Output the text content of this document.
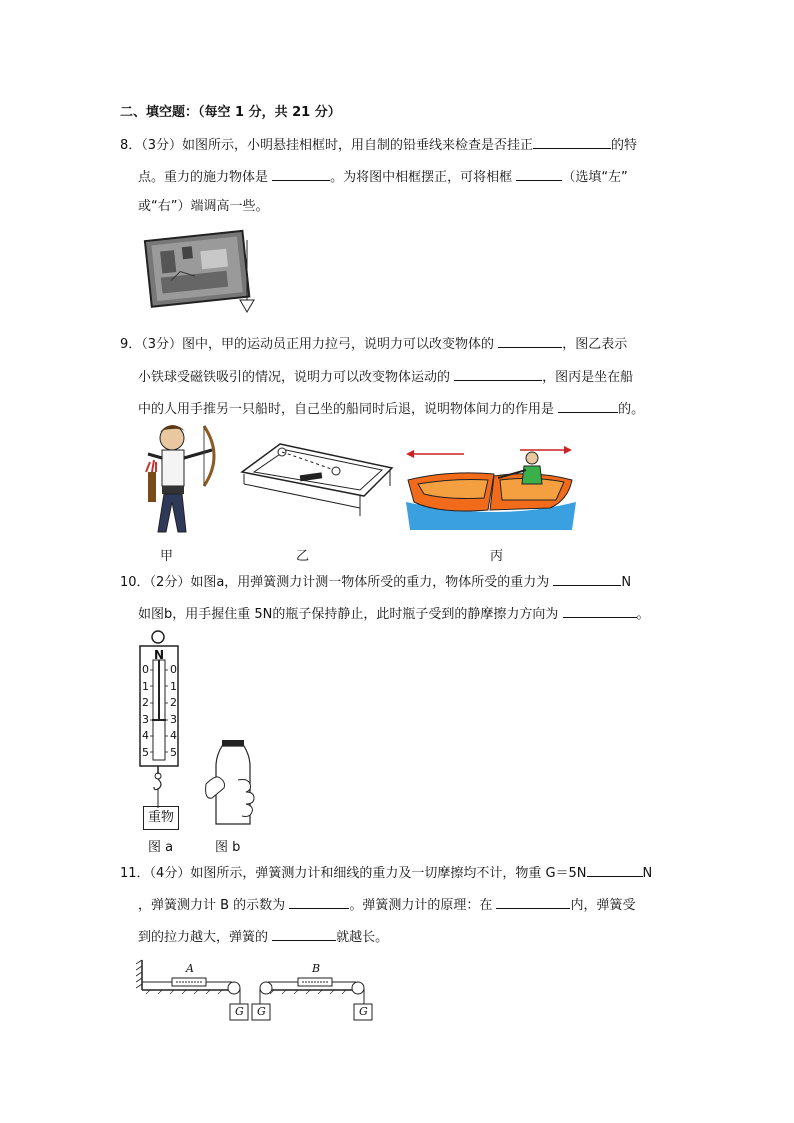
二、填空题：（每空 1 分，共 21 分）
8．（3分）如图所示，小明悬挂相框时，用自制的铅垂线来检查是否挂正	的特
点。重力的施力物体是	。为将图中相框摆正，可将相框	（选填“左”
或“右”）端调高一些。
9．（3分）图中，甲的运动员正用力拉弓，说明力可以改变物体的	，图乙表示
小铁球受磁铁吸引的情况，说明力可以改变物体运动的	，图丙是坐在船
中的人用手推另一只船时，自己坐的船同时后退，说明物体间力的作用是	的。
甲	乙	丙
10．（2分）如图a，用弹簧测力计测一物体所受的重力，物体所受的重力为	N
如图b，用手握住重 5N的瓶子保持静止，此时瓶子受到的静摩擦力方向为	。
N
0
1
2
3
4
5
0
1
2
3
4
5
重物
图 a	图 b
11．（4分）如图所示，弹簧测力计和细线的重力及一切摩擦均不计，物重 G＝5N	N
，弹簧测力计 B 的示数为	。弹簧测力计的原理：在	内，弹簧受
到的拉力越大，弹簧的	就越长。
A	B
G G	G
